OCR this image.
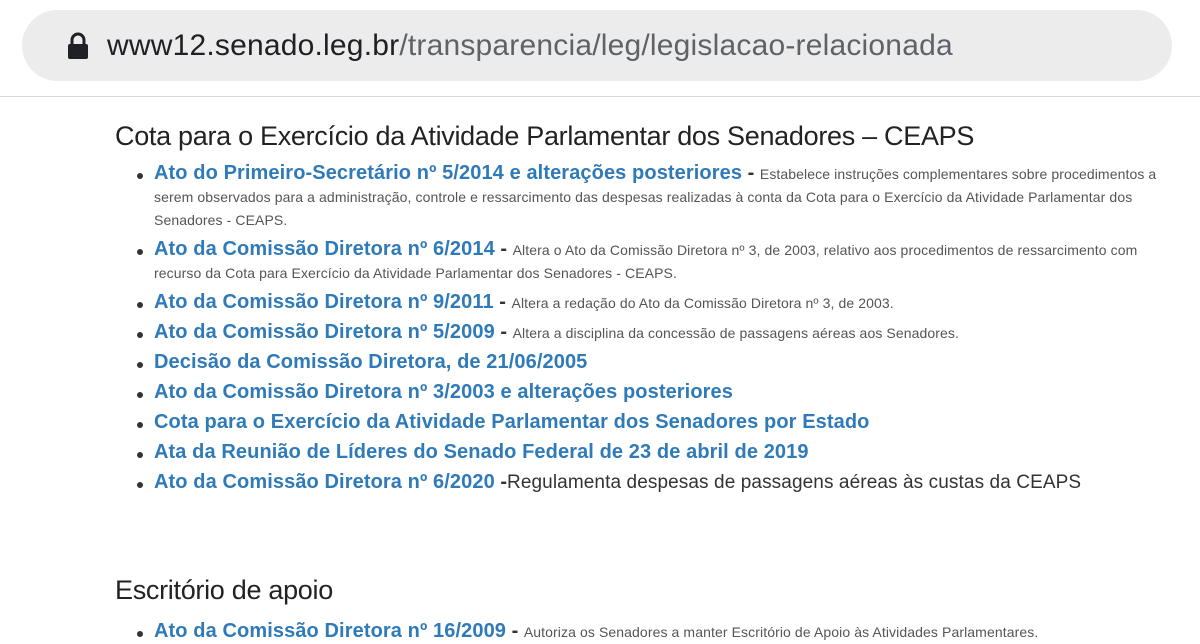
www12.senado.leg.br/transparencia/leg/legislacao-relacionada
Cota para o Exercício da Atividade Parlamentar dos Senadores – CEAPS
Ato do Primeiro-Secretário nº 5/2014 e alterações posteriores - Estabelece instruções complementares sobre procedimentos a serem observados para a administração, controle e ressarcimento das despesas realizadas à conta da Cota para o Exercício da Atividade Parlamentar dos Senadores - CEAPS.
Ato da Comissão Diretora nº 6/2014 - Altera o Ato da Comissão Diretora nº 3, de 2003, relativo aos procedimentos de ressarcimento com recurso da Cota para Exercício da Atividade Parlamentar dos Senadores - CEAPS.
Ato da Comissão Diretora nº 9/2011 - Altera a redação do Ato da Comissão Diretora nº 3, de 2003.
Ato da Comissão Diretora nº 5/2009 - Altera a disciplina da concessão de passagens aéreas aos Senadores.
Decisão da Comissão Diretora, de 21/06/2005
Ato da Comissão Diretora nº 3/2003 e alterações posteriores
Cota para o Exercício da Atividade Parlamentar dos Senadores por Estado
Ata da Reunião de Líderes do Senado Federal de 23 de abril de 2019
Ato da Comissão Diretora nº 6/2020 -Regulamenta despesas de passagens aéreas às custas da CEAPS
Escritório de apoio
Ato da Comissão Diretora nº 16/2009 - Autoriza os Senadores a manter Escritório de Apoio às Atividades Parlamentares.
